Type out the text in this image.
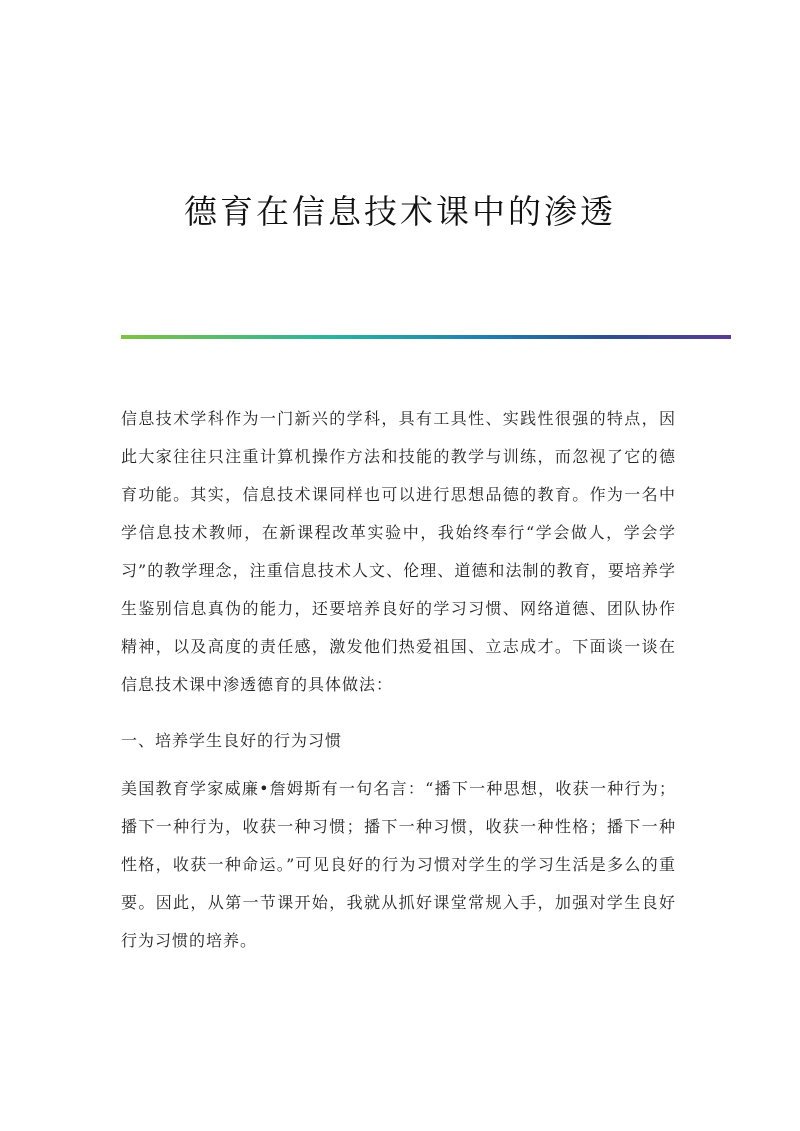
德育在信息技术课中的渗透

信息技术学科作为一门新兴的学科，具有工具性、实践性很强的特点，因此大家往往只注重计算机操作方法和技能的教学与训练，而忽视了它的德育功能。其实，信息技术课同样也可以进行思想品德的教育。作为一名中学信息技术教师，在新课程改革实验中，我始终奉行“学会做人，学会学习”的教学理念，注重信息技术人文、伦理、道德和法制的教育，要培养学生鉴别信息真伪的能力，还要培养良好的学习习惯、网络道德、团队协作精神，以及高度的责任感，激发他们热爱祖国、立志成才。下面谈一谈在信息技术课中渗透德育的具体做法：

一、培养学生良好的行为习惯

美国教育学家威廉•詹姆斯有一句名言：“播下一种思想，收获一种行为；播下一种行为，收获一种习惯；播下一种习惯，收获一种性格；播下一种性格，收获一种命运。”可见良好的行为习惯对学生的学习生活是多么的重要。因此，从第一节课开始，我就从抓好课堂常规入手，加强对学生良好行为习惯的培养。
